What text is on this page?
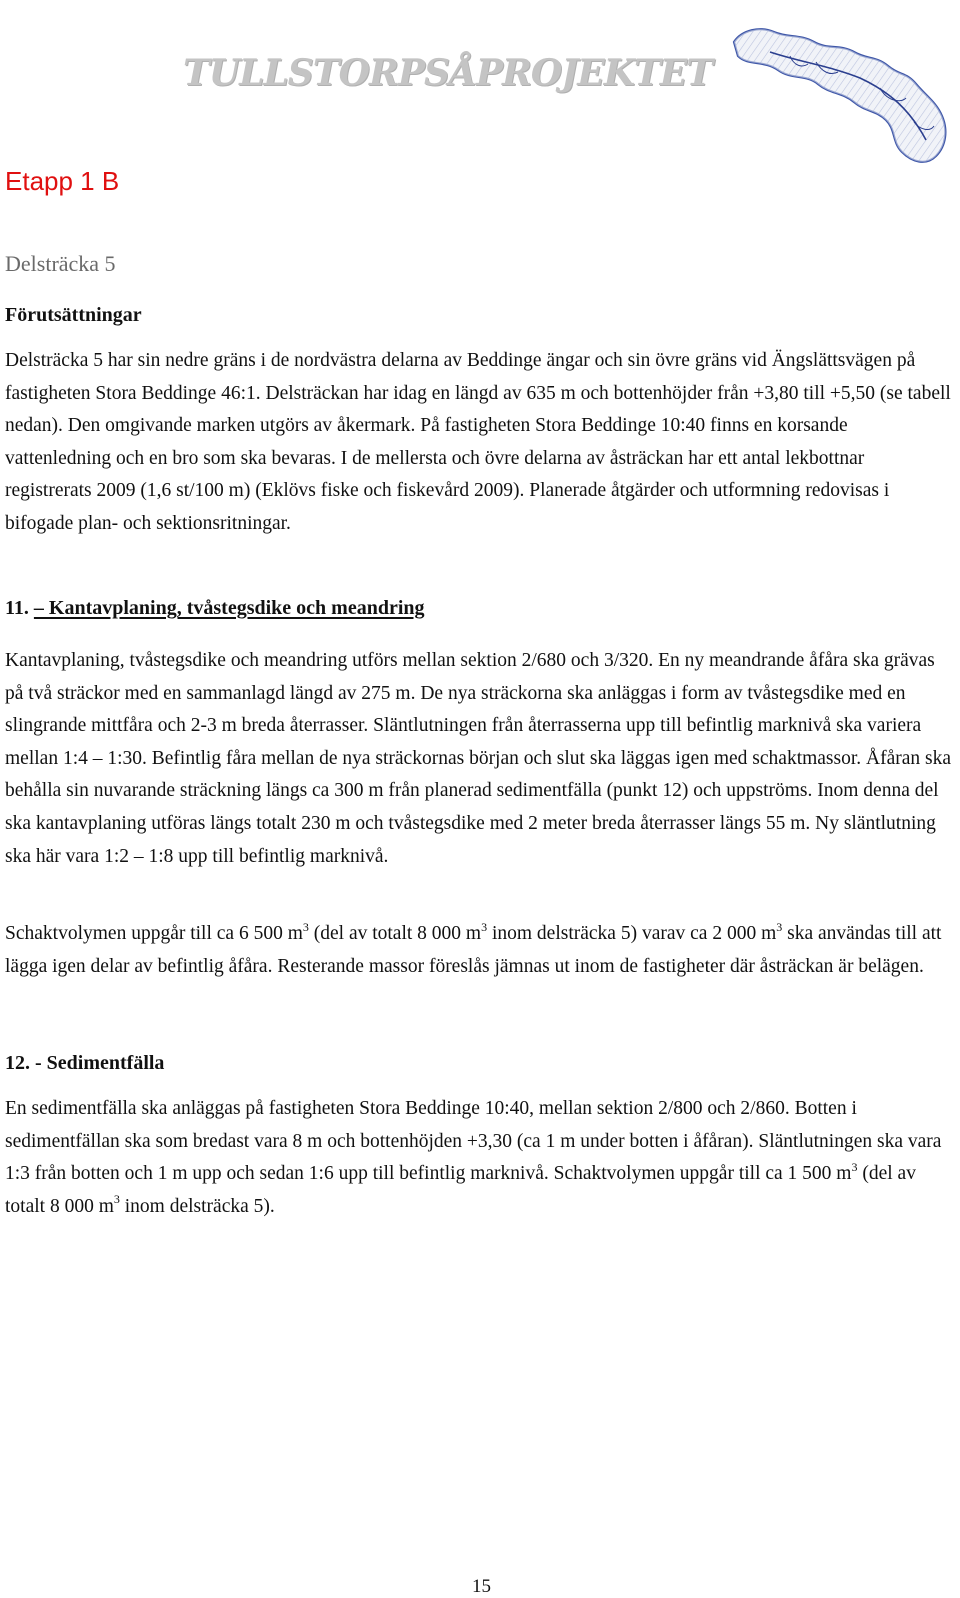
TULLSTORPSÅPROJEKTET
Etapp 1 B
Delsträcka 5
Förutsättningar
Delsträcka 5 har sin nedre gräns i de nordvästra delarna av Beddinge ängar och sin övre gräns vid Ängslättsvägen på fastigheten Stora Beddinge 46:1. Delsträckan har idag en längd av 635 m och bottenhöjder från +3,80 till +5,50 (se tabell nedan). Den omgivande marken utgörs av åkermark. På fastigheten Stora Beddinge 10:40 finns en korsande vattenledning och en bro som ska bevaras. I de mellersta och övre delarna av åsträckan har ett antal lekbottnar registrerats 2009 (1,6 st/100 m) (Eklövs fiske och fiskevård 2009). Planerade åtgärder och utformning redovisas i bifogade plan- och sektionsritningar.
11. – Kantavplaning, tvåstegsdike och meandring
Kantavplaning, tvåstegsdike och meandring utförs mellan sektion 2/680 och 3/320. En ny meandrande åfåra ska grävas på två sträckor med en sammanlagd längd av 275 m. De nya sträckorna ska anläggas i form av tvåstegsdike med en slingrande mittfåra och 2-3 m breda återrasser. Släntlutningen från återrasserna upp till befintlig marknivå ska variera mellan 1:4 – 1:30. Befintlig fåra mellan de nya sträckornas början och slut ska läggas igen med schaktmassor. Åfåran ska behålla sin nuvarande sträckning längs ca 300 m från planerad sedimentfälla (punkt 12) och uppströms. Inom denna del ska kantavplaning utföras längs totalt 230 m och tvåstegsdike med 2 meter breda återrasser längs 55 m. Ny släntlutning ska här vara 1:2 – 1:8 upp till befintlig marknivå.
Schaktvolymen uppgår till ca 6 500 $m^3$ (del av totalt 8 000 $m^3$ inom delsträcka 5) varav ca 2 000 $m^3$ ska användas till att lägga igen delar av befintlig åfåra. Resterande massor föreslås jämnas ut inom de fastigheter där åsträckan är belägen.
12. - Sedimentfälla
En sedimentfälla ska anläggas på fastigheten Stora Beddinge 10:40, mellan sektion 2/800 och 2/860. Botten i sedimentfällan ska som bredast vara 8 m och bottenhöjden +3,30 (ca 1 m under botten i åfåran). Släntlutningen ska vara 1:3 från botten och 1 m upp och sedan 1:6 upp till befintlig marknivå. Schaktvolymen uppgår till ca 1 500 $m^3$ (del av totalt 8 000 $m^3$ inom delsträcka 5).
15
